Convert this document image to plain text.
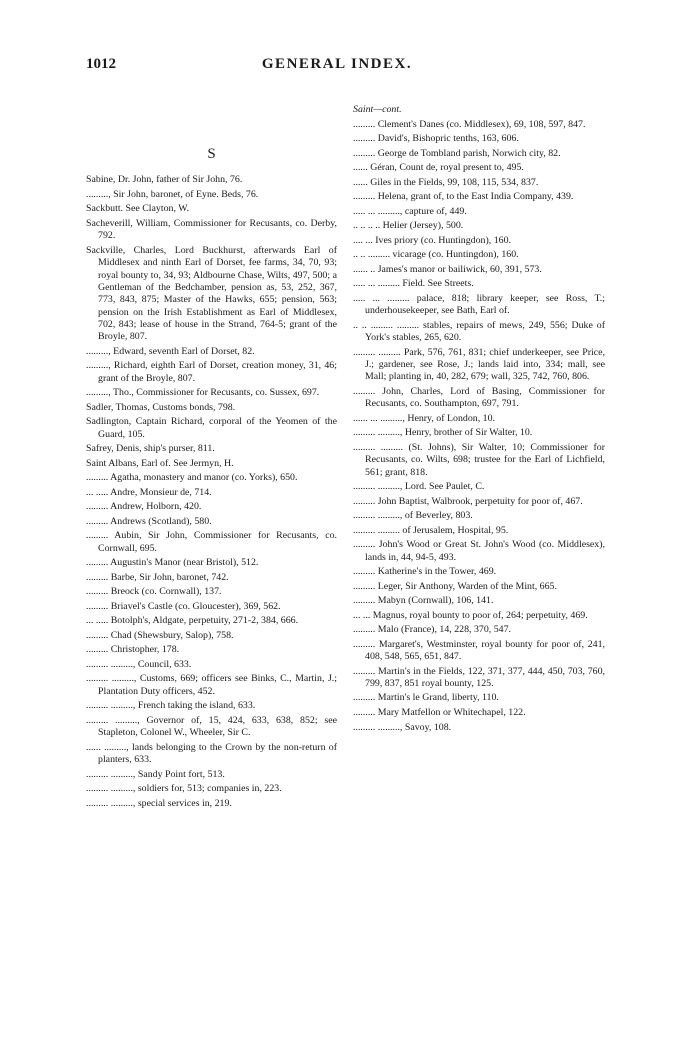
1012	GENERAL INDEX.
S
Sabine, Dr. John, father of Sir John, 76.
........., Sir John, baronet, of Eyne. Beds, 76.
Sackbutt. See Clayton, W.
Sacheverill, William, Commissioner for Recusants, co. Derby, 792.
Sackville, Charles, Lord Buckhurst, afterwards Earl of Middlesex and ninth Earl of Dorset, fee farms, 34, 70, 93; royal bounty to, 34, 93; Aldbourne Chase, Wilts, 497, 500; a Gentleman of the Bedchamber, pension as, 53, 252, 367, 773, 843, 875; Master of the Hawks, 655; pension, 563; pension on the Irish Establishment as Earl of Middlesex, 702, 843; lease of house in the Strand, 764-5; grant of the Broyle, 807.
........., Edward, seventh Earl of Dorset, 82.
........., Richard, eighth Earl of Dorset, creation money, 31, 46; grant of the Broyle, 807.
........., Tho., Commissioner for Recusants, co. Sussex, 697.
Sadler, Thomas, Customs bonds, 798.
Sadlington, Captain Richard, corporal of the Yeomen of the Guard, 105.
Safrey, Denis, ship's purser, 811.
Saint Albans, Earl of. See Jermyn, H.
......... Agatha, monastery and manor (co. Yorks), 650.
... ..... Andre, Monsieur de, 714.
......... Andrew, Holborn, 420.
......... Andrews (Scotland), 580.
......... Aubin, Sir John, Commissioner for Recusants, co. Cornwall, 695.
......... Augustin's Manor (near Bristol), 512.
......... Barbe, Sir John, baronet, 742.
......... Breock (co. Cornwall), 137.
......... Briavel's Castle (co. Gloucester), 369, 562.
... ..... Botolph's, Aldgate, perpetuity, 271-2, 384, 666.
......... Chad (Shewsbury, Salop), 758.
......... Christopher, 178.
......... ........., Council, 633.
......... ........., Customs, 669; officers see Binks, C., Martin, J.; Plantation Duty officers, 452.
......... ........., French taking the island, 633.
......... ........., Governor of, 15, 424, 633, 638, 852; see Stapleton, Colonel W., Wheeler, Sir C.
...... ........., lands belonging to the Crown by the non-return of planters, 633.
......... ........., Sandy Point fort, 513.
......... ........., soldiers for, 513; companies in, 223.
......... ........., special services in, 219.
Saint—cont.
......... Clement's Danes (co. Middlesex), 69, 108, 597, 847.
......... David's, Bishopric tenths, 163, 606.
......... George de Tombland parish, Norwich city, 82.
...... Géran, Count de, royal present to, 495.
...... Giles in the Fields, 99, 108, 115, 534, 837.
......... Helena, grant of, to the East India Company, 439.
..... ... ........., capture of, 449.
.. .. .. .. Helier (Jersey), 500.
.... ... Ives priory (co. Huntingdon), 160.
.. .. ......... vicarage (co. Huntingdon), 160.
...... .. James's manor or bailiwick, 60, 391, 573.
..... ... ......... Field. See Streets.
..... ... ......... palace, 818; library keeper, see Ross, T.; underhousekeeper, see Bath, Earl of.
.. .. ......... ......... stables, repairs of mews, 249, 556; Duke of York's stables, 265, 620.
......... ......... Park, 576, 761, 831; chief underkeeper, see Price, J.; gardener, see Rose, J.; lands laid into, 334; mall, see Mall; planting in, 40, 282, 679; wall, 325, 742, 760, 806.
......... John, Charles, Lord of Basing, Commissioner for Recusants, co. Southampton, 697, 791.
...... ... ........., Henry, of London, 10.
......... ........., Henry, brother of Sir Walter, 10.
......... ......... (St. Johns), Sir Walter, 10; Commissioner for Recusants, co. Wilts, 698; trustee for the Earl of Lichfield, 561; grant, 818.
......... ........., Lord. See Paulet, C.
......... John Baptist, Walbrook, perpetuity for poor of, 467.
......... ........., of Beverley, 803.
......... ......... of Jerusalem, Hospital, 95.
......... John's Wood or Great St. John's Wood (co. Middlesex), lands in, 44, 94-5, 493.
......... Katherine's in the Tower, 469.
......... Leger, Sir Anthony, Warden of the Mint, 665.
......... Mabyn (Cornwall), 106, 141.
... ... Magnus, royal bounty to poor of, 264; perpetuity, 469.
......... Malo (France), 14, 228, 370, 547.
......... Margaret's, Westminster, royal bounty for poor of, 241, 408, 548, 565, 651, 847.
......... Martin's in the Fields, 122, 371, 377, 444, 450, 703, 760, 799, 837, 851 royal bounty, 125.
......... Martin's le Grand, liberty, 110.
......... Mary Matfellon or Whitechapel, 122.
......... ........., Savoy, 108.
